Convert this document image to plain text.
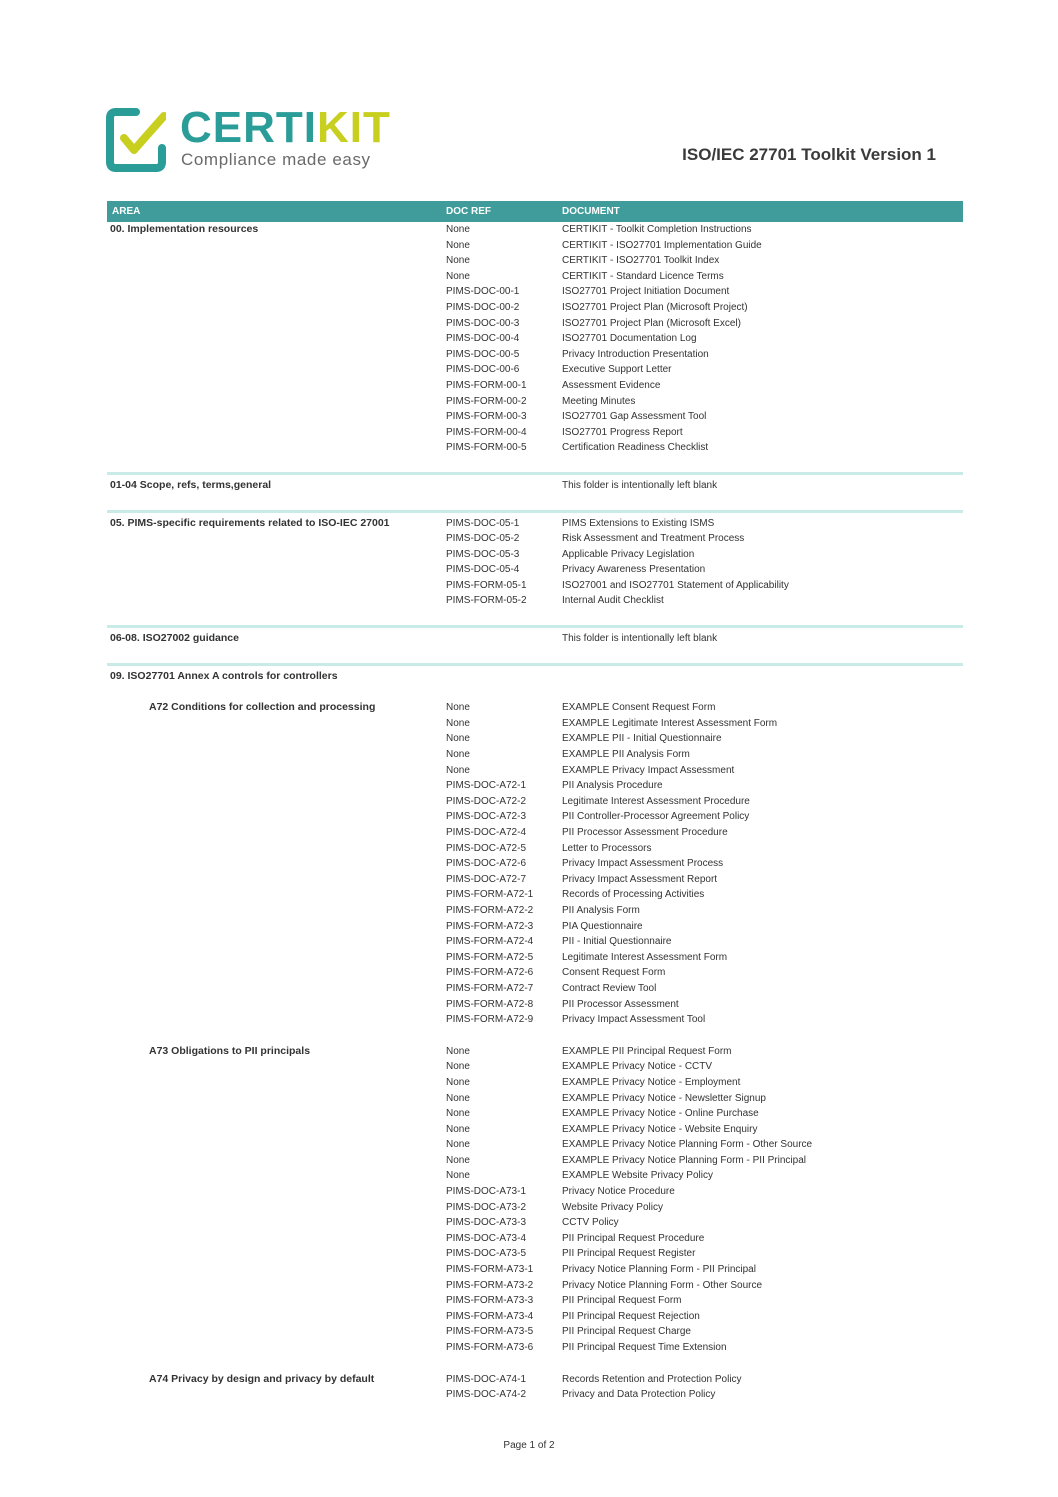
CERTIKIT
Compliance made easy	ISO/IEC 27701 Toolkit Version 1
AREA	DOC REF	DOCUMENT
00. Implementation resources	None	CERTIKIT - Toolkit Completion Instructions
None	CERTIKIT - ISO27701 Implementation Guide
None	CERTIKIT - ISO27701 Toolkit Index
None	CERTIKIT - Standard Licence Terms
PIMS-DOC-00-1	ISO27701 Project Initiation Document
PIMS-DOC-00-2	ISO27701 Project Plan (Microsoft Project)
PIMS-DOC-00-3	ISO27701 Project Plan (Microsoft Excel)
PIMS-DOC-00-4	ISO27701 Documentation Log
PIMS-DOC-00-5	Privacy Introduction Presentation
PIMS-DOC-00-6	Executive Support Letter
PIMS-FORM-00-1	Assessment Evidence
PIMS-FORM-00-2	Meeting Minutes
PIMS-FORM-00-3	ISO27701 Gap Assessment Tool
PIMS-FORM-00-4	ISO27701 Progress Report
PIMS-FORM-00-5	Certification Readiness Checklist
01-04 Scope, refs, terms,general	This folder is intentionally left blank
05. PIMS-specific requirements related to ISO-IEC 27001	PIMS-DOC-05-1	PIMS Extensions to Existing ISMS
PIMS-DOC-05-2	Risk Assessment and Treatment Process
PIMS-DOC-05-3	Applicable Privacy Legislation
PIMS-DOC-05-4	Privacy Awareness Presentation
PIMS-FORM-05-1	ISO27001 and ISO27701 Statement of Applicability
PIMS-FORM-05-2	Internal Audit Checklist
06-08. ISO27002 guidance	This folder is intentionally left blank
09. ISO27701 Annex A controls for controllers
A72 Conditions for collection and processing	None	EXAMPLE Consent Request Form
None	EXAMPLE Legitimate Interest Assessment Form
None	EXAMPLE PII - Initial Questionnaire
None	EXAMPLE PII Analysis Form
None	EXAMPLE Privacy Impact Assessment
PIMS-DOC-A72-1	PII Analysis Procedure
PIMS-DOC-A72-2	Legitimate Interest Assessment Procedure
PIMS-DOC-A72-3	PII Controller-Processor Agreement Policy
PIMS-DOC-A72-4	PII Processor Assessment Procedure
PIMS-DOC-A72-5	Letter to Processors
PIMS-DOC-A72-6	Privacy Impact Assessment Process
PIMS-DOC-A72-7	Privacy Impact Assessment Report
PIMS-FORM-A72-1	Records of Processing Activities
PIMS-FORM-A72-2	PII Analysis Form
PIMS-FORM-A72-3	PIA Questionnaire
PIMS-FORM-A72-4	PII - Initial Questionnaire
PIMS-FORM-A72-5	Legitimate Interest Assessment Form
PIMS-FORM-A72-6	Consent Request Form
PIMS-FORM-A72-7	Contract Review Tool
PIMS-FORM-A72-8	PII Processor Assessment
PIMS-FORM-A72-9	Privacy Impact Assessment Tool
A73 Obligations to PII principals	None	EXAMPLE PII Principal Request Form
None	EXAMPLE Privacy Notice - CCTV
None	EXAMPLE Privacy Notice - Employment
None	EXAMPLE Privacy Notice - Newsletter Signup
None	EXAMPLE Privacy Notice - Online Purchase
None	EXAMPLE Privacy Notice - Website Enquiry
None	EXAMPLE Privacy Notice Planning Form - Other Source
None	EXAMPLE Privacy Notice Planning Form - PII Principal
None	EXAMPLE Website Privacy Policy
PIMS-DOC-A73-1	Privacy Notice Procedure
PIMS-DOC-A73-2	Website Privacy Policy
PIMS-DOC-A73-3	CCTV Policy
PIMS-DOC-A73-4	PII Principal Request Procedure
PIMS-DOC-A73-5	PII Principal Request Register
PIMS-FORM-A73-1	Privacy Notice Planning Form - PII Principal
PIMS-FORM-A73-2	Privacy Notice Planning Form - Other Source
PIMS-FORM-A73-3	PII Principal Request Form
PIMS-FORM-A73-4	PII Principal Request Rejection
PIMS-FORM-A73-5	PII Principal Request Charge
PIMS-FORM-A73-6	PII Principal Request Time Extension
A74 Privacy by design and privacy by default	PIMS-DOC-A74-1	Records Retention and Protection Policy
PIMS-DOC-A74-2	Privacy and Data Protection Policy
Page 1 of 2
